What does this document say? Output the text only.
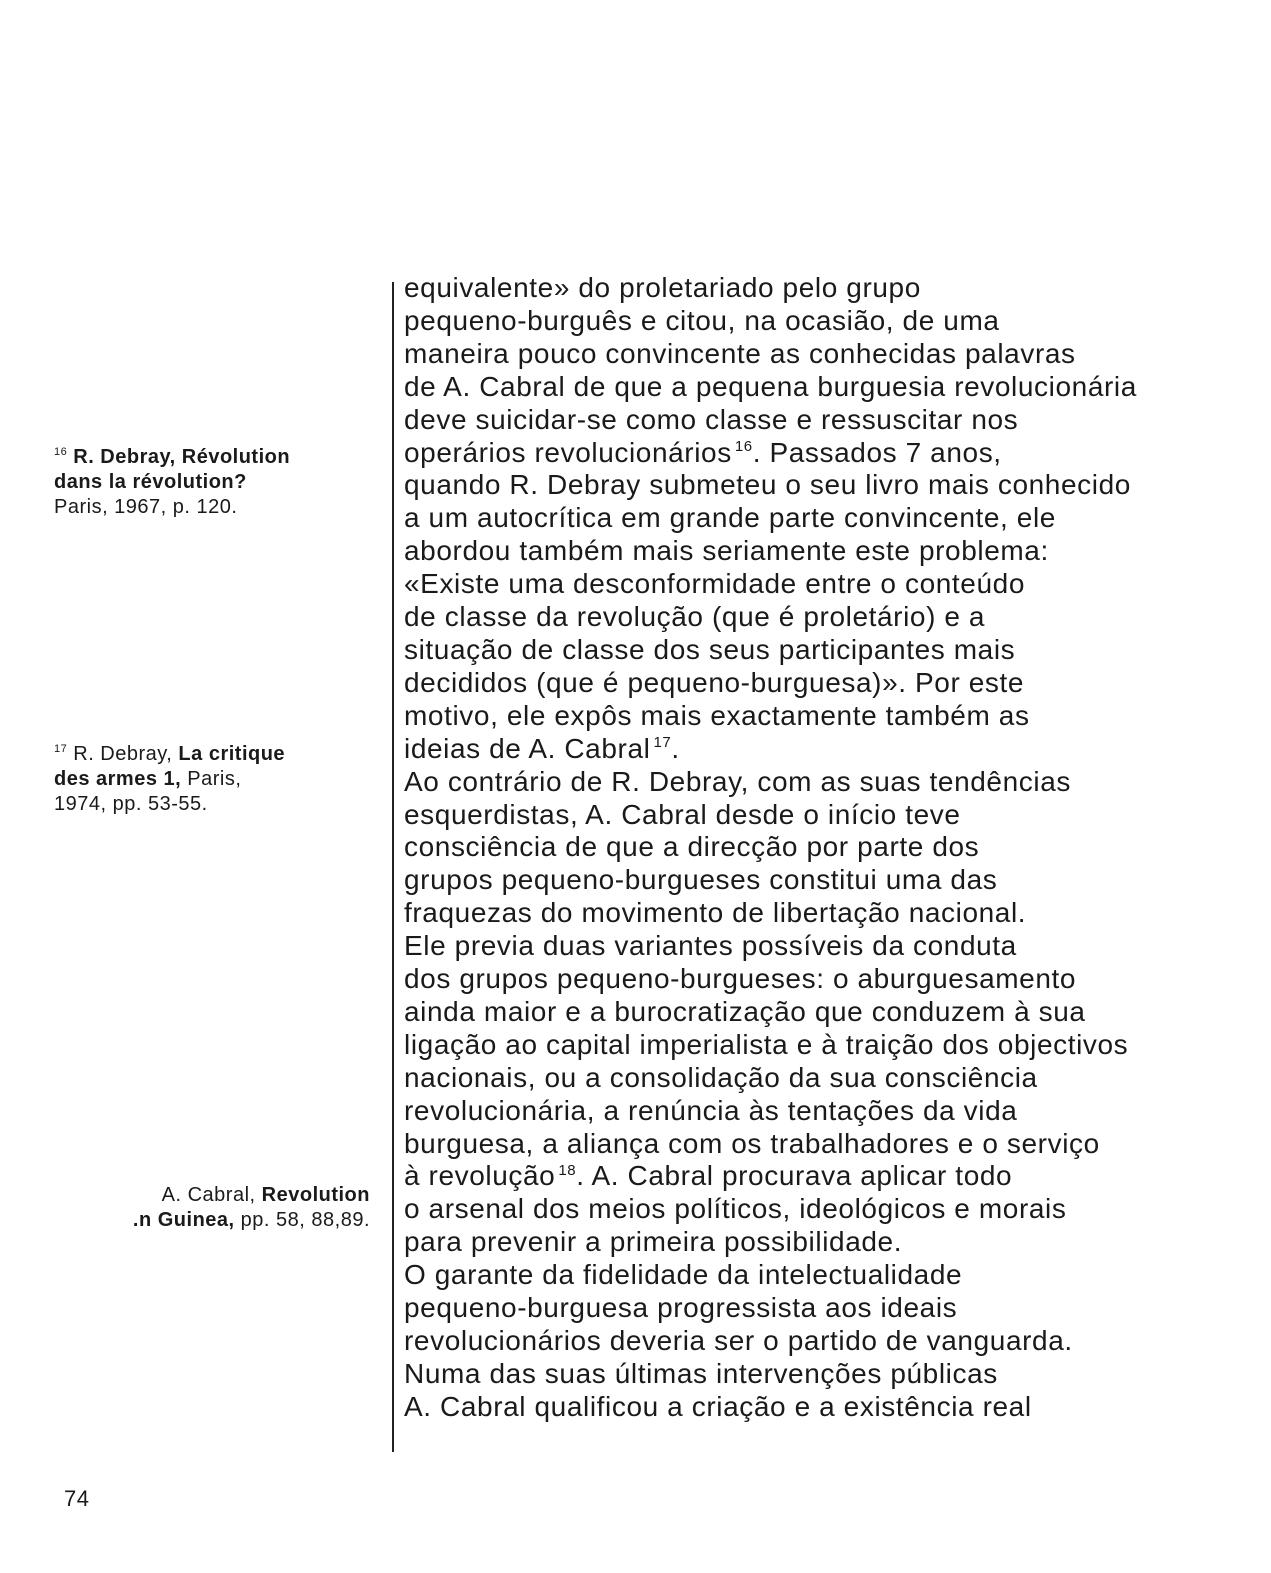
$^{16}$ R. Debray, Révolution
dans la révolution?
Paris, 1967, p. 120.
$^{17}$ R. Debray, La critique
des armes 1, Paris,
1974, pp. 53-55.
A. Cabral, Revolution
.n Guinea, pp. 58, 88,89.
equivalente» do proletariado pelo grupo
pequeno-burguês e citou, na ocasião, de uma
maneira pouco convincente as conhecidas palavras
de A. Cabral de que a pequena burguesia revolucionária
deve suicidar-se como classe e ressuscitar nos
operários revolucionários $^{16}$. Passados 7 anos,
quando R. Debray submeteu o seu livro mais conhecido
a um autocrítica em grande parte convincente, ele
abordou também mais seriamente este problema:
«Existe uma desconformidade entre o conteúdo
de classe da revolução (que é proletário) e a
situação de classe dos seus participantes mais
decididos (que é pequeno-burguesa)». Por este
motivo, ele expôs mais exactamente também as
ideias de A. Cabral $^{17}$.
Ao contrário de R. Debray, com as suas tendências
esquerdistas, A. Cabral desde o início teve
consciência de que a direcção por parte dos
grupos pequeno-burgueses constitui uma das
fraquezas do movimento de libertação nacional.
Ele previa duas variantes possíveis da conduta
dos grupos pequeno-burgueses: o aburguesamento
ainda maior e a burocratização que conduzem à sua
ligação ao capital imperialista e à traição dos objectivos
nacionais, ou a consolidação da sua consciência
revolucionária, a renúncia às tentações da vida
burguesa, a aliança com os trabalhadores e o serviço
à revolução $^{18}$. A. Cabral procurava aplicar todo
o arsenal dos meios políticos, ideológicos e morais
para prevenir a primeira possibilidade.
O garante da fidelidade da intelectualidade
pequeno-burguesa progressista aos ideais
revolucionários deveria ser o partido de vanguarda.
Numa das suas últimas intervenções públicas
A. Cabral qualificou a criação e a existência real
74
